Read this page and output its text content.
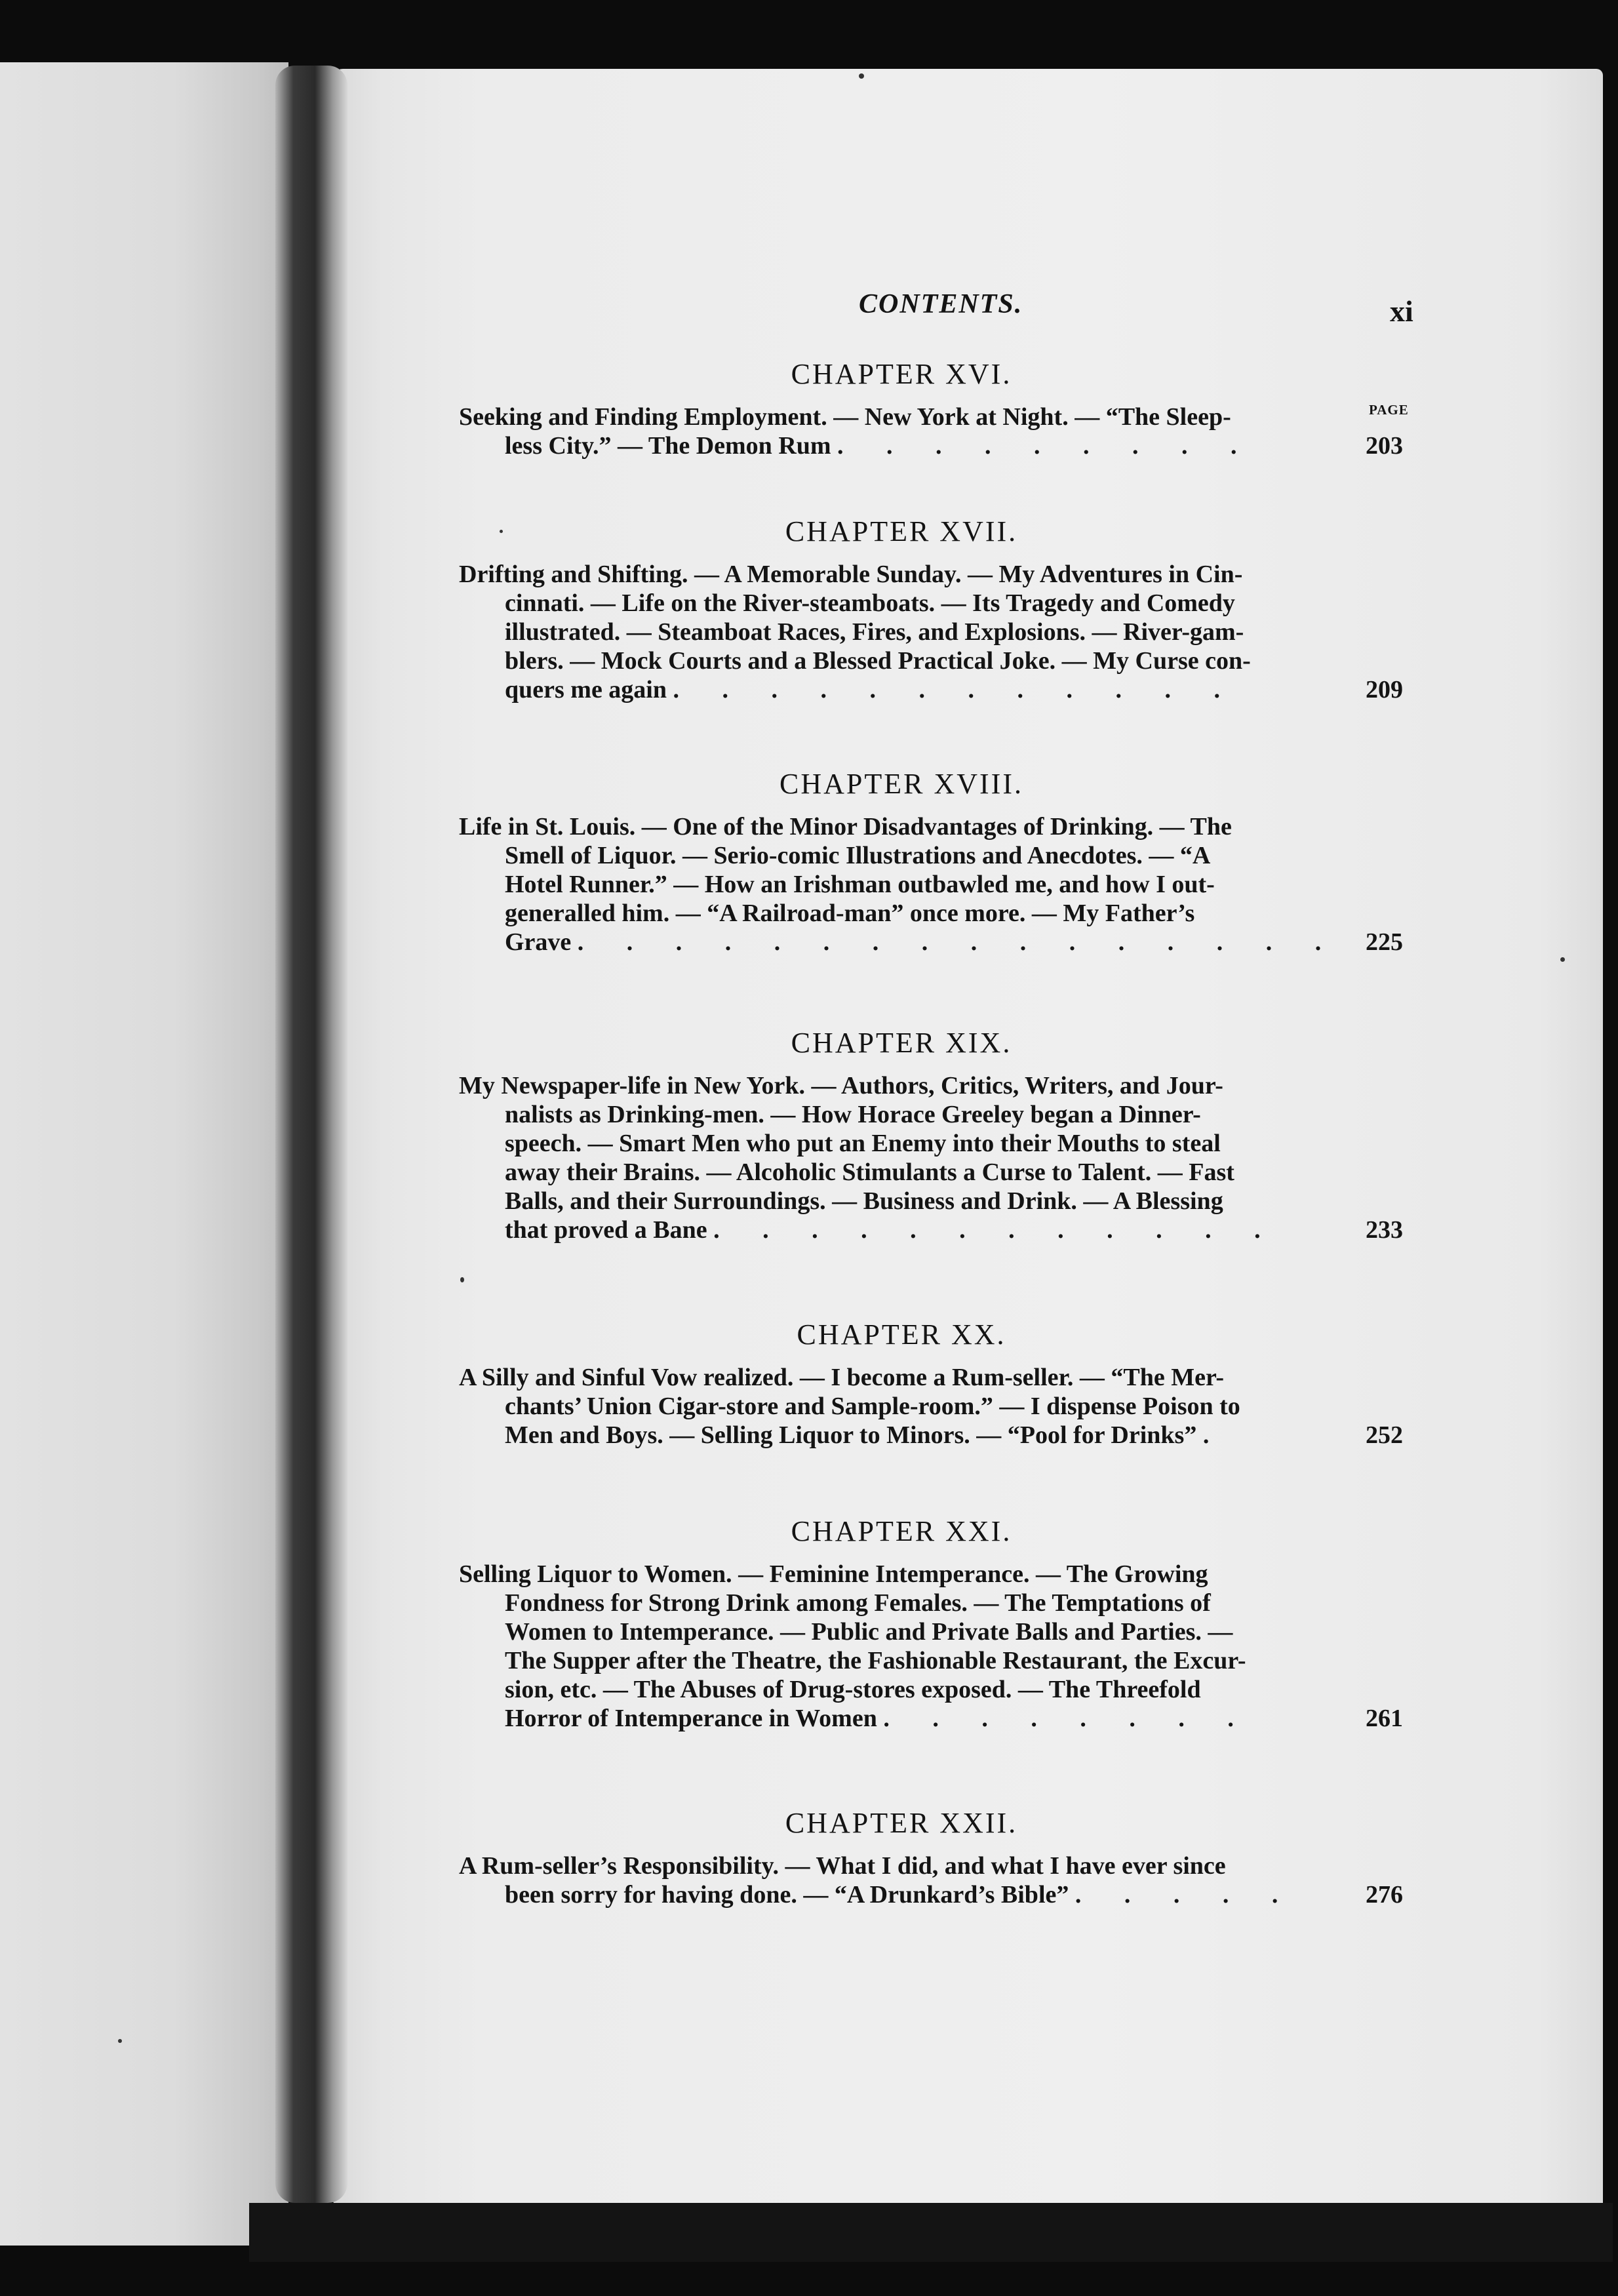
CONTENTS.	xi
PAGE
CHAPTER XVI.
Seeking and Finding Employment. — New York at Night. — “The Sleep-
less City.” — The Demon Rum . . . . . . . . .	203
CHAPTER XVII.
Drifting and Shifting. — A Memorable Sunday. — My Adventures in Cin-
cinnati. — Life on the River-steamboats. — Its Tragedy and Comedy
illustrated. — Steamboat Races, Fires, and Explosions. — River-gam-
blers. — Mock Courts and a Blessed Practical Joke. — My Curse con-
quers me again . . . . . . . . . . . .	209
CHAPTER XVIII.
Life in St. Louis. — One of the Minor Disadvantages of Drinking. — The
Smell of Liquor. — Serio-comic Illustrations and Anecdotes. — “A
Hotel Runner.” — How an Irishman outbawled me, and how I out-
generalled him. — “A Railroad-man” once more. — My Father’s
Grave . . . . . . . . . . . . . . . . 225
CHAPTER XIX.
My Newspaper-life in New York. — Authors, Critics, Writers, and Jour-
nalists as Drinking-men. — How Horace Greeley began a Dinner-
speech. — Smart Men who put an Enemy into their Mouths to steal
away their Brains. — Alcoholic Stimulants a Curse to Talent. — Fast
Balls, and their Surroundings. — Business and Drink. — A Blessing
that proved a Bane . . . . . . . . . . . .	233
CHAPTER XX.
A Silly and Sinful Vow realized. — I become a Rum-seller. — “The Mer-
chants’ Union Cigar-store and Sample-room.” — I dispense Poison to
Men and Boys. — Selling Liquor to Minors. — “Pool for Drinks” .	252
CHAPTER XXI.
Selling Liquor to Women. — Feminine Intemperance. — The Growing
Fondness for Strong Drink among Females. — The Temptations of
Women to Intemperance. — Public and Private Balls and Parties. —
The Supper after the Theatre, the Fashionable Restaurant, the Excur-
sion, etc. — The Abuses of Drug-stores exposed. — The Threefold
Horror of Intemperance in Women . . . . . . . .	261
CHAPTER XXII.
A Rum-seller’s Responsibility. — What I did, and what I have ever since
been sorry for having done. — “A Drunkard’s Bible” . . . . .	276
